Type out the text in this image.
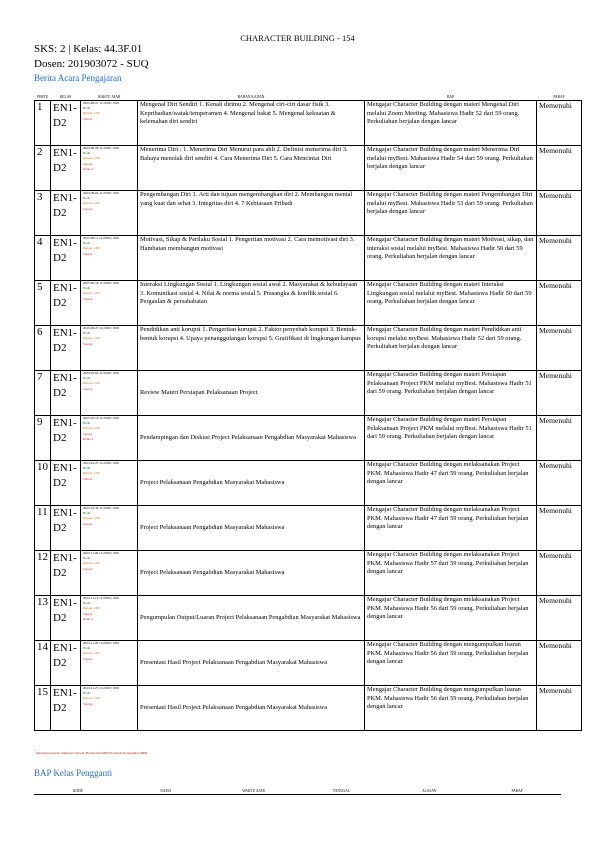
CHARACTER BUILDING - 154
SKS: 2 | Kelas: 44.3F.01
Dosen: 201903072 - SUQ
Berita Acara Pengajaran
PERTE	KELAS	WAKTU AJAR	BAHAN KAJIAN	BAP	PARAF
1	EN1-D2	2023-08-21 11:20:00 | 0:00
Hadir
Durasi: 1:00
Selesai	Mengenal Diri Sendiri 1. Kenali dirimu 2. Mengenal ciri-ciri dasar fisik 3. Kepribadian/watak/temperamen 4. Mengenal bakat 5. Mengenal kekuatan & kelemahan diri sendiri	Mengajar Character Building dengan materi Mengenal Diri melalui Zoom Meeting. Mahasiswa Hadir 52 dari 59 orang. Perkuliahan berjalan dengan lancar	Memenuhi
2	EN1-D2	2023-08-28 11:20:00 | 0:00
Hadir
Durasi: 1:00
Selesai
Kelas 2	Menerima Diri : 1. Menerima Diri Menurut para ahli 2. Definisi menerima diri 3. Bahaya menolak diri sendiri 4. Cara Menerima Diri 5. Cara Mencintai Diri	Mengajar Character Building dengan materi Menerima Diri melalui myBest. Mahasiswa Hadir 54 dari 59 orang. Perkuliahan berjalan dengan lancar	Memenuhi
3	EN1-D2	2023-09-04 11:20:00 | 0:00
Hadir
Durasi: 1:00
Selesai	Pengembangan Diri 1. Arti dan tujuan mengembangkan diri 2. Membangun mental yang kuat dan sehat 3. Integritas diri 4. 7 Kebiasaan Pribadi	Mengajar Character Building dengan materi Pengembangan Diri melalui myBest. Mahasiswa Hadir 53 dari 59 orang. Perkuliahan berjalan dengan lancar	Memenuhi
4	EN1-D2	2023-09-11 11:20:00 | 0:00
Hadir
Durasi: 1:00
Selesai	Motivasi, Sikap & Perilaku Sosial 1. Pengertian motivasi 2. Cara memotivasi diri 3. Hambatan membangun motivasi	Mengajar Character Building dengan materi Motivasi, sikap, dan interaksi sosial melalui myBest. Mahasiswa Hadir 50 dari 59 orang. Perkuliahan berjalan dengan lancar	Memenuhi
5	EN1-D2	2023-09-18 11:20:00 | 0:00
Hadir
Durasi: 1:00
Selesai	Interaksi Lingkungan Sosial 1. Lingkungan sosial awal 2. Masyarakat & kebudayaan 3. Komunikasi sosial 4. Nilai & norma sosial 5. Prasangka & konflik sosial 6. Pergaulan & persahabatan	Mengajar Character Building dengan materi Interaksi Lingkungan sosial melalui myBest. Mahasiswa Hadir 50 dari 59 orang. Perkuliahan berjalan dengan lancar	Memenuhi
6	EN1-D2	2023-09-25 11:20:00 | 0:00
Hadir
Durasi: 1:00
Selesai	Pendidikan anti korupsi 1. Pengertian korupsi 2. Faktor penyebab korupsi 3. Bentuk-bentuk korupsi 4. Upaya penanggulangan korupsi 5. Gratifikasi di lingkungan kampus	Mengajar Character Building dengan materi Pendidikan anti korupsi melalui myBest. Mahasiswa Hadir 52 dari 59 orang. Perkuliahan berjalan dengan lancar	Memenuhi
7	EN1-D2	2023-10-02 11:20:00 | 0:00
Hadir
Durasi: 1:00
Selesai	Review Materi Persiapan Pelaksanaan Project	Mengajar Character Building dengan materi Persiapan Pelaksanaan Project PKM melalui myBest. Mahasiswa Hadir 51 dari 59 orang. Perkuliahan berjalan dengan lancar	Memenuhi
9	EN1-D2	2023-10-16 11:20:00 | 0:00
Hadir
Durasi: 1:00
Selesai
Kelas 2	Pendampingan dan Diskusi Project Pelaksanaan Pengabdian Masyarakat Mahasiswa	Mengajar Character Building dengan materi Persiapan Pelaksanaan Project PKM melalui myBest. Mahasiswa Hadir 51 dari 59 orang. Perkuliahan berjalan dengan lancar	Memenuhi
10	EN1-D2	2023-10-23 11:20:00 | 0:00
Hadir
Durasi: 1:00
Selesai	Project Pelaksanaan Pengabdian Masyarakat Mahasiswa	Mengajar Character Building dengan melaksanakan Project PKM. Mahasiswa Hadir 47 dari 59 orang. Perkuliahan berjalan dengan lancar	Memenuhi
11	EN1-D2	2023-10-30 11:20:00 | 0:00
Hadir
Durasi: 1:00
Selesai	Project Pelaksanaan Pengabdian Masyarakat Mahasiswa	Mengajar Character Building dengan melaksanakan Project PKM. Mahasiswa Hadir 47 dari 59 orang. Perkuliahan berjalan dengan lancar	Memenuhi
12	EN1-D2	2023-11-06 11:20:00 | 0:00
Hadir
Durasi: 1:00
Selesai	Project Pelaksanaan Pengabdian Masyarakat Mahasiswa	Mengajar Character Building dengan melaksanakan Project PKM. Mahasiswa Hadir 57 dari 59 orang. Perkuliahan berjalan dengan lancar	Memenuhi
13	EN1-D2	2023-11-13 11:20:00 | 0:00
Hadir
Durasi: 1:00
Selesai
Kelas 2	Pengumpulan Output/Luaran Project Pelaksanaan Pengabdian Masyarakat Mahasiswa	Mengajar Character Building dengan melaksanakan Project PKM. Mahasiswa Hadir 56 dari 59 orang. Perkuliahan berjalan dengan lancar	Memenuhi
14	EN1-D2	2023-11-20 11:20:00 | 0:00
Hadir
Durasi: 1:00
Selesai	Presentasi Hasil Project Pelaksanaan Pengabdian Masyarakat Mahasiswa	Mengajar Character Building dengan mengumpulkan luaran PKM. Mahasiswa Hadir 56 dari 59 orang. Perkuliahan berjalan dengan lancar	Memenuhi
15	EN1-D2	2023-11-27 11:20:00 | 0:00
Hadir
Durasi: 1:00
Selesai	Presentasi Hasil Project Pelaksanaan Pengabdian Masyarakat Mahasiswa	Mengajar Character Building dengan mengumpulkan luaran PKM. Mahasiswa Hadir 56 dari 59 orang. Perkuliahan berjalan dengan lancar	Memenuhi
*Jam Selesai Kelas Menurut Jadwal, BerdasarkanBUKS untuk mengajukan BPR.
BAP Kelas Pengganti
KODE	NAMA	WAKTU AJAR	TANGGAL	ALASAN	PARAF
